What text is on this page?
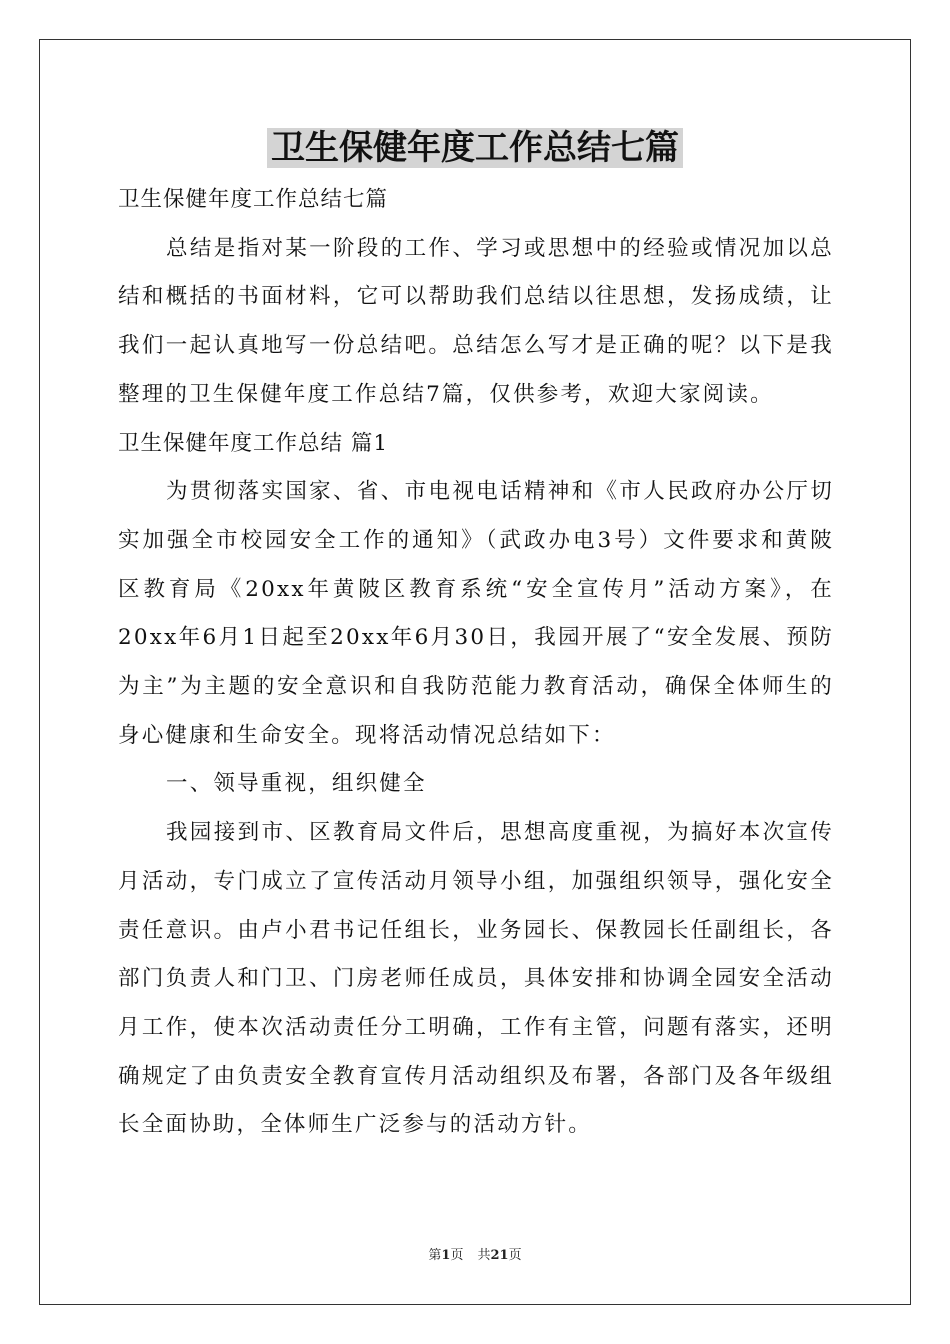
卫生保健年度工作总结七篇

卫生保健年度工作总结七篇

总结是指对某一阶段的工作、学习或思想中的经验或情况加以总结和概括的书面材料，它可以帮助我们总结以往思想，发扬成绩，让我们一起认真地写一份总结吧。总结怎么写才是正确的呢？以下是我整理的卫生保健年度工作总结7篇，仅供参考，欢迎大家阅读。

卫生保健年度工作总结 篇1

为贯彻落实国家、省、市电视电话精神和《市人民政府办公厅切实加强全市校园安全工作的通知》（武政办电3号）文件要求和黄陂区教育局《20xx年黄陂区教育系统“安全宣传月”活动方案》，在20xx年6月1日起至20xx年6月30日，我园开展了“安全发展、预防为主”为主题的安全意识和自我防范能力教育活动，确保全体师生的身心健康和生命安全。现将活动情况总结如下：

一、领导重视，组织健全

我园接到市、区教育局文件后，思想高度重视，为搞好本次宣传月活动，专门成立了宣传活动月领导小组，加强组织领导，强化安全责任意识。由卢小君书记任组长，业务园长、保教园长任副组长，各部门负责人和门卫、门房老师任成员，具体安排和协调全园安全活动月工作，使本次活动责任分工明确，工作有主管，问题有落实，还明确规定了由负责安全教育宣传月活动组织及布署，各部门及各年级组长全面协助，全体师生广泛参与的活动方针。

第1页 共21页
